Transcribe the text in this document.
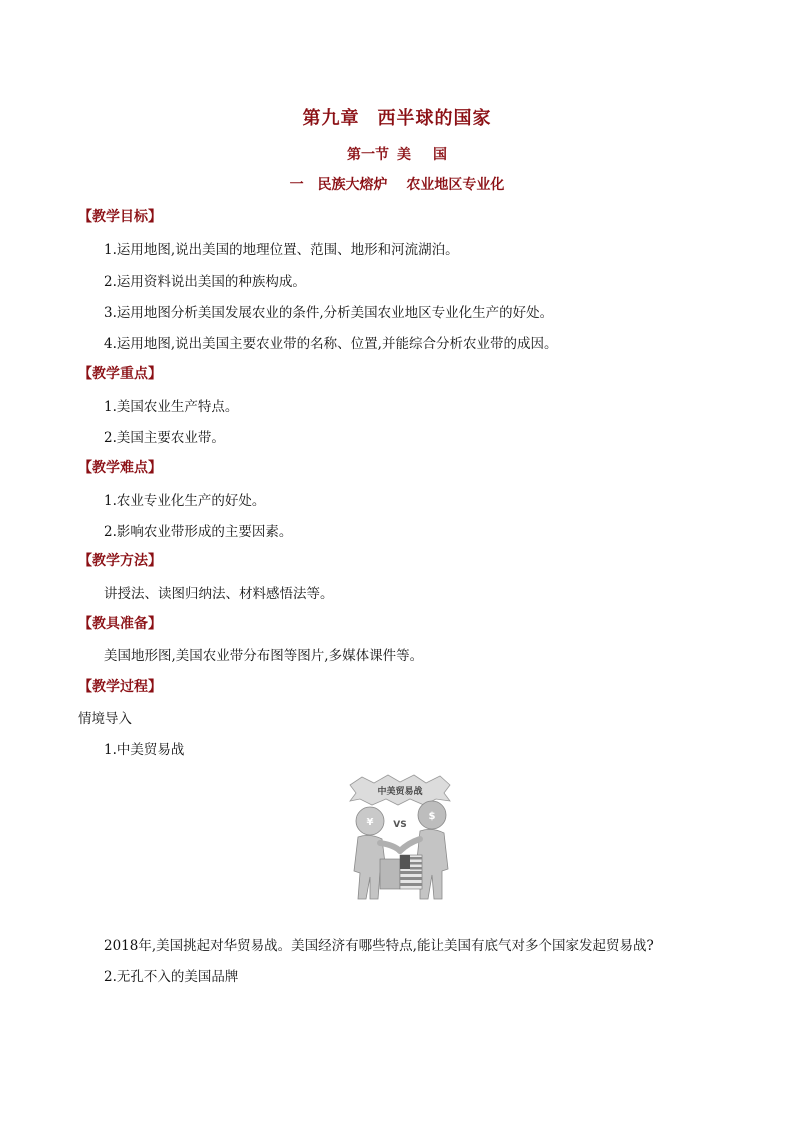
第九章 西半球的国家
第一节 美 国
一　民族大熔炉　 农业地区专业化
【教学目标】
1.运用地图,说出美国的地理位置、范围、地形和河流湖泊。
2.运用资料说出美国的种族构成。
3.运用地图分析美国发展农业的条件,分析美国农业地区专业化生产的好处。
4.运用地图,说出美国主要农业带的名称、位置,并能综合分析农业带的成因。
【教学重点】
1.美国农业生产特点。
2.美国主要农业带。
【教学难点】
1.农业专业化生产的好处。
2.影响农业带形成的主要因素。
【教学方法】
讲授法、读图归纳法、材料感悟法等。
【教具准备】
美国地形图,美国农业带分布图等图片,多媒体课件等。
【教学过程】
情境导入
1.中美贸易战
中美贸易战
¥
$
VS
2018年,美国挑起对华贸易战。美国经济有哪些特点,能让美国有底气对多个国家发起贸易战?
2.无孔不入的美国品牌
